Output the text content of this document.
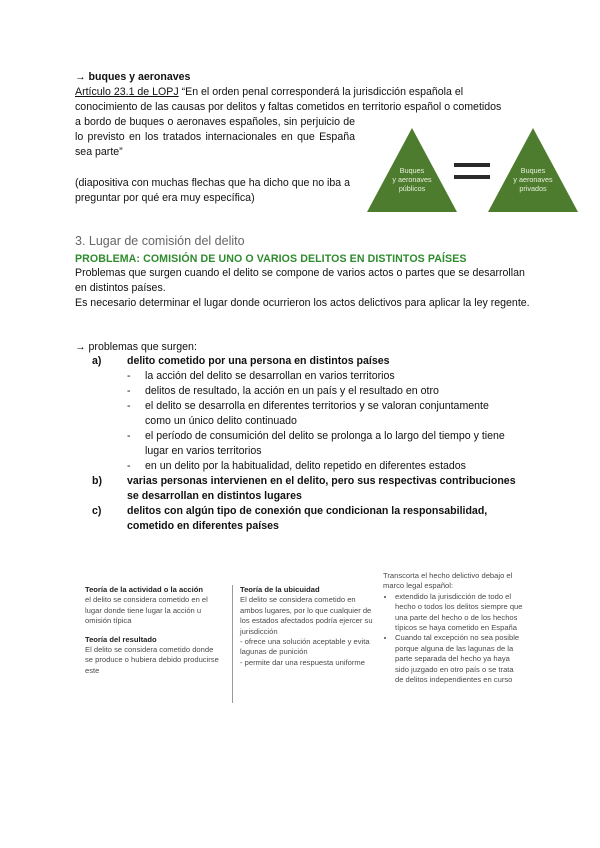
→ buques y aeronaves
Artículo 23.1 de LOPJ “En el orden penal corresponderá la jurisdicción española el
conocimiento de las causas por delitos y faltas cometidos en territorio español o cometidos
a bordo de buques o aeronaves españoles, sin perjuicio de lo previsto en los tratados internacionales en que España sea parte”
(diapositiva con muchas flechas que ha dicho que no iba a preguntar por qué era muy específica)
Buques y aeronaves públicos
Buques y aeronaves privados
3. Lugar de comisión del delito
PROBLEMA: COMISIÓN DE UNO O VARIOS DELITOS EN DISTINTOS PAÍSES
Problemas que surgen cuando el delito se compone de varios actos o partes que se desarrollan en distintos países.
Es necesario determinar el lugar donde ocurrieron los actos delictivos para aplicar la ley regente.
→ problemas que surgen:
a) delito cometido por una persona en distintos países
-	la acción del delito se desarrollan en varios territorios
-	delitos de resultado, la acción en un país y el resultado en otro
-	el delito se desarrolla en diferentes territorios y se valoran conjuntamente como un único delito continuado
-	el período de consumición del delito se prolonga a lo largo del tiempo y tiene lugar en varios territorios
-	en un delito por la habitualidad, delito repetido en diferentes estados
b) varias personas intervienen en el delito, pero sus respectivas contribuciones
se desarrollan en distintos lugares
c) delitos con algún tipo de conexión que condicionan la responsabilidad,
cometido en diferentes países
Teoría de la actividad o la acción
el delito se considera cometido en el lugar donde tiene lugar la acción u omisión típica
Teoría del resultado
El delito se considera cometido donde se produce o hubiera debido producirse este
Teoría de la ubicuidad
El delito se considera cometido en ambos lugares, por lo que cualquier de los estados afectados podría ejercer su jurisdicción
- ofrece una solución aceptable y evita lagunas de punición
- permite dar una respuesta uniforme
Transcorta el hecho delictivo debajo el marco legal español:
• extendido la jurisdicción de todo el hecho o todos los delitos siempre que una parte del hecho o de los hechos típicos se haya cometido en España
• Cuando tal excepción no sea posible porque alguna de las lagunas de la parte separada del hecho ya haya sido juzgado en otro país o se trata de delitos independientes en curso
